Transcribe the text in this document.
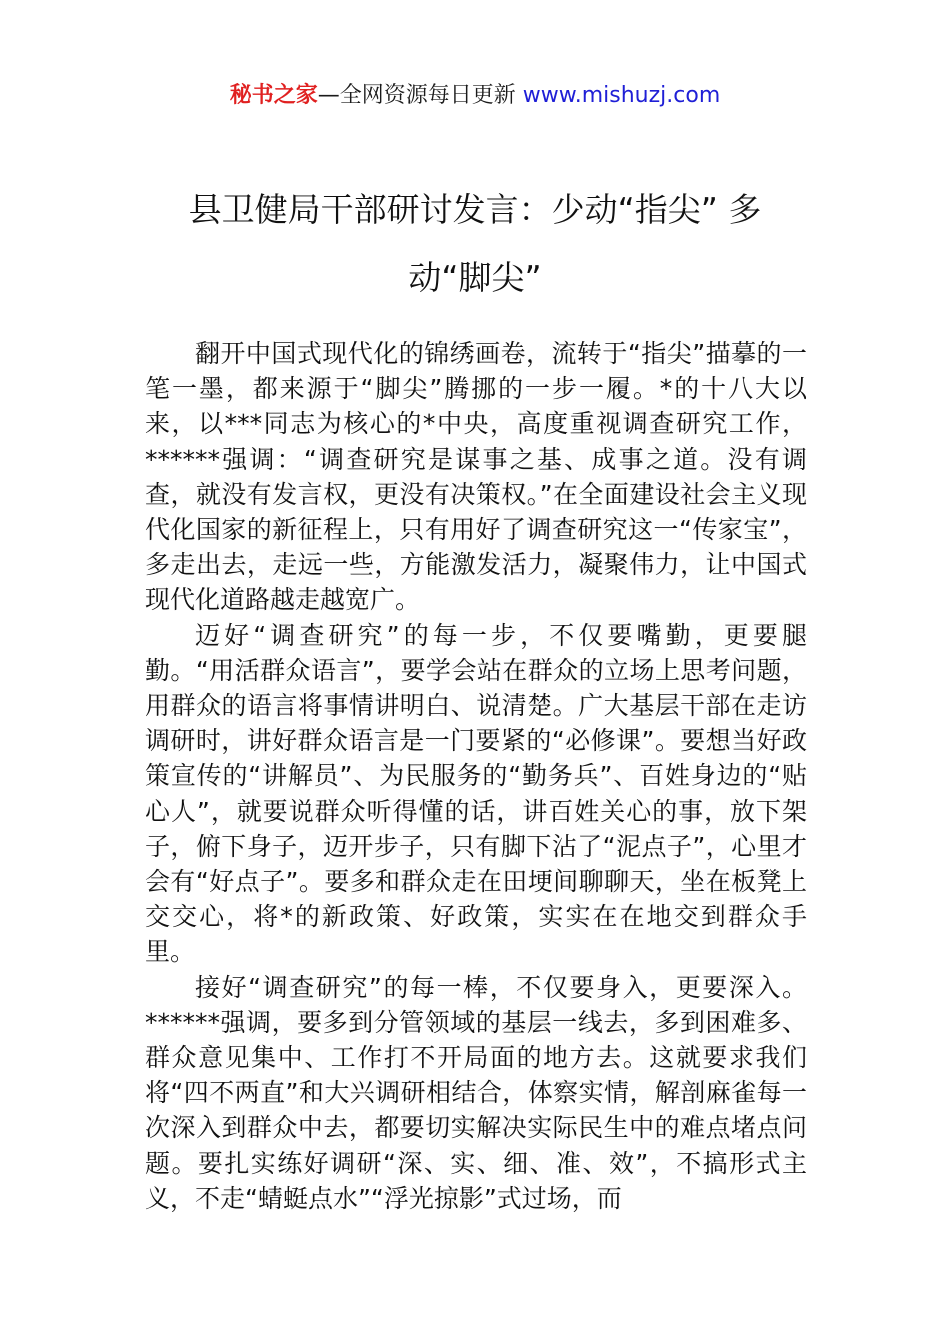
秘书之家—全网资源每日更新 www.mishuzj.com
县卫健局干部研讨发言：少动“指尖” 多
动“脚尖”

翻开中国式现代化的锦绣画卷，流转于“指尖”描摹的一笔一墨，都来源于“脚尖”腾挪的一步一履。*的十八大以来，以***同志为核心的*中央，高度重视调查研究工作，******强调：“调查研究是谋事之基、成事之道。没有调查，就没有发言权，更没有决策权。”在全面建设社会主义现代化国家的新征程上，只有用好了调查研究这一“传家宝”，多走出去，走远一些，方能激发活力，凝聚伟力，让中国式现代化道路越走越宽广。

迈好“调查研究”的每一步，不仅要嘴勤，更要腿勤。“用活群众语言”，要学会站在群众的立场上思考问题，用群众的语言将事情讲明白、说清楚。广大基层干部在走访调研时，讲好群众语言是一门要紧的“必修课”。要想当好政策宣传的“讲解员”、为民服务的“勤务兵”、百姓身边的“贴心人”，就要说群众听得懂的话，讲百姓关心的事，放下架子，俯下身子，迈开步子，只有脚下沾了“泥点子”，心里才会有“好点子”。要多和群众走在田埂间聊聊天，坐在板凳上交交心，将*的新政策、好政策，实实在在地交到群众手里。

接好“调查研究”的每一棒，不仅要身入，更要深入。******强调，要多到分管领域的基层一线去，多到困难多、群众意见集中、工作打不开局面的地方去。这就要求我们将“四不两直”和大兴调研相结合，体察实情，解剖麻雀每一次深入到群众中去，都要切实解决实际民生中的难点堵点问题。要扎实练好调研“深、实、细、准、效”，不搞形式主义，不走“蜻蜓点水”“浮光掠影”式过场，而
